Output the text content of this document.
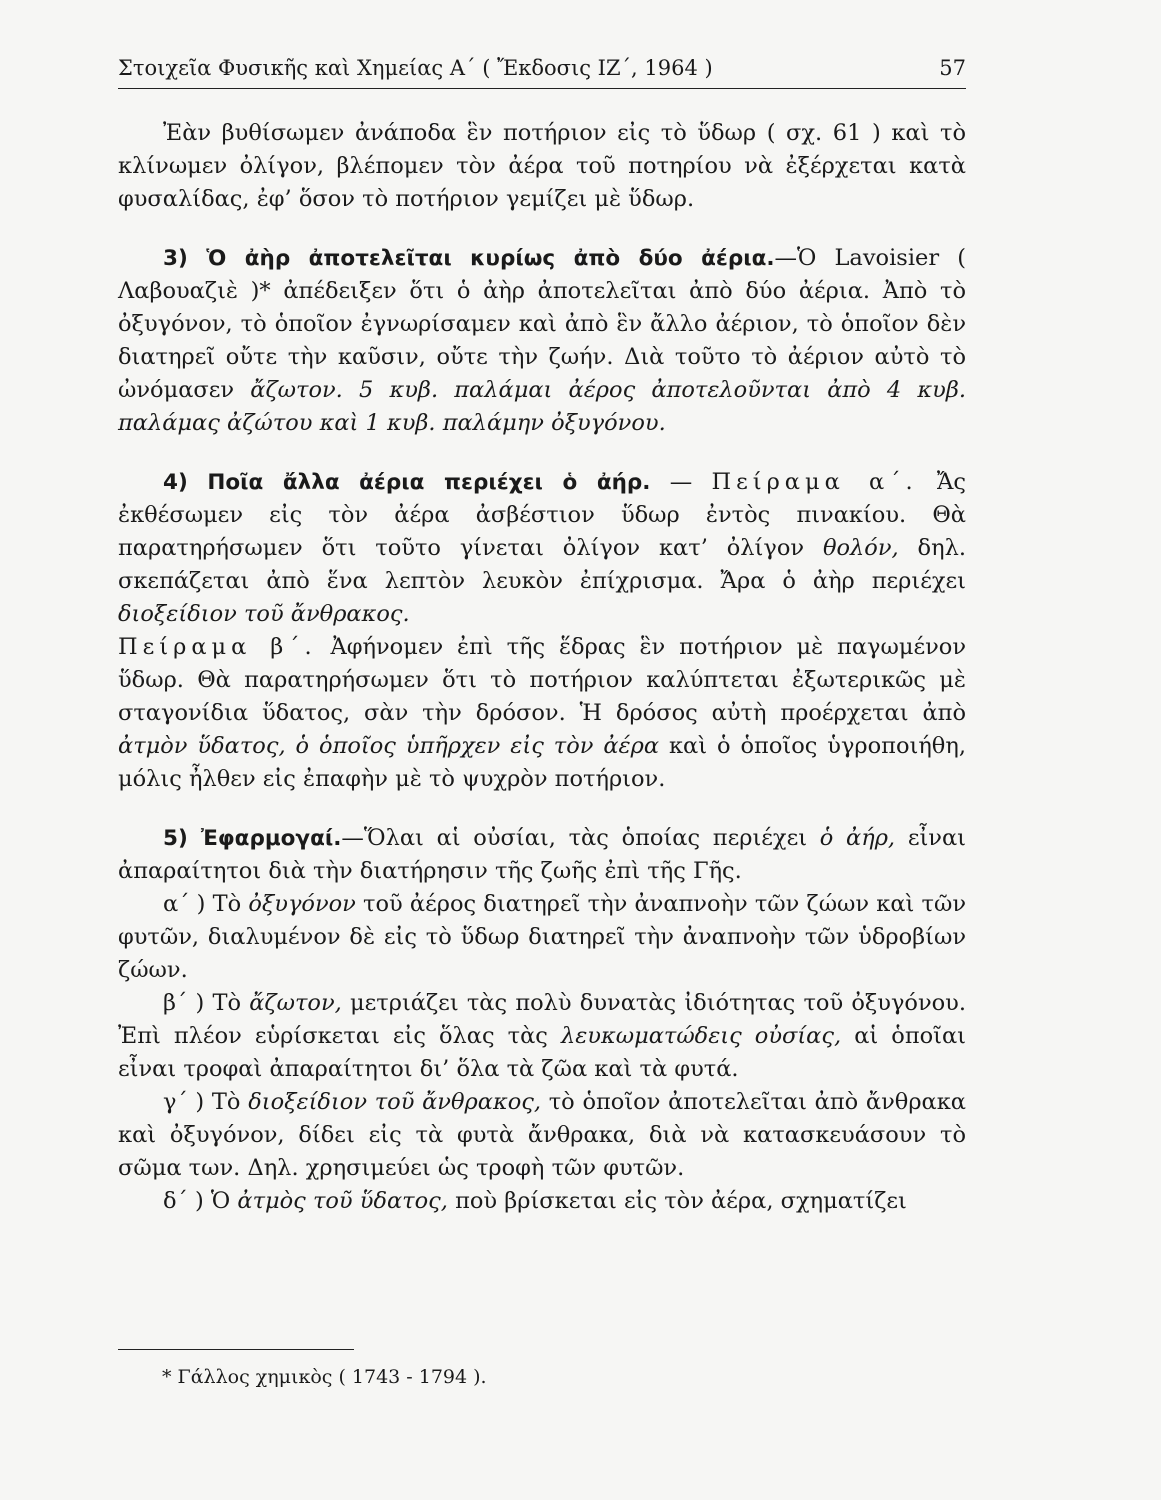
Στοιχεῖα Φυσικῆς καὶ Χημείας Α΄ ( Ἔκδοσις ΙΖ΄, 1964 )	57

Ἐὰν βυθίσωμεν ἀνάποδα ἓν ποτήριον εἰς τὸ ὕδωρ ( σχ. 61 ) καὶ τὸ κλίνωμεν ὀλίγον, βλέπομεν τὸν ἀέρα τοῦ ποτηρίου νὰ ἐξέρχεται κατὰ φυσαλίδας, ἐφ’ ὅσον τὸ ποτήριον γεμίζει μὲ ὕδωρ.

3) Ὁ ἀὴρ ἀποτελεῖται κυρίως ἀπὸ δύο ἀέρια.—Ὁ Lavoisier ( Λαβουαζιὲ )* ἀπέδειξεν ὅτι ὁ ἀὴρ ἀποτελεῖται ἀπὸ δύο ἀέρια. Ἀπὸ τὸ ὀξυγόνον, τὸ ὁποῖον ἐγνωρίσαμεν καὶ ἀπὸ ἓν ἄλλο ἀέριον, τὸ ὁποῖον δὲν διατηρεῖ οὔτε τὴν καῦσιν, οὔτε τὴν ζωήν. Διὰ τοῦτο τὸ ἀέριον αὐτὸ τὸ ὠνόμασεν ἄζωτον. 5 κυβ. παλάμαι ἀέρος ἀποτελοῦνται ἀπὸ 4 κυβ. παλάμας ἀζώτου καὶ 1 κυβ. παλάμην ὀξυγόνου.

4) Ποῖα ἄλλα ἀέρια περιέχει ὁ ἀήρ. — Πείραμα α΄. Ἄς ἐκθέσωμεν εἰς τὸν ἀέρα ἀσβέστιον ὕδωρ ἐντὸς πινακίου. Θὰ παρατηρήσωμεν ὅτι τοῦτο γίνεται ὀλίγον κατ’ ὀλίγον θολόν, δηλ. σκεπάζεται ἀπὸ ἕνα λεπτὸν λευκὸν ἐπίχρισμα. Ἄρα ὁ ἀὴρ περιέχει διοξείδιον τοῦ ἄνθρακος.

Πείραμα β΄. Ἀφήνομεν ἐπὶ τῆς ἕδρας ἓν ποτήριον μὲ παγωμένον ὕδωρ. Θὰ παρατηρήσωμεν ὅτι τὸ ποτήριον καλύπτεται ἐξωτερικῶς μὲ σταγονίδια ὕδατος, σὰν τὴν δρόσον. Ἡ δρόσος αὐτὴ προέρχεται ἀπὸ ἀτμὸν ὕδατος, ὁ ὁποῖος ὑπῆρχεν εἰς τὸν ἀέρα καὶ ὁ ὁποῖος ὑγροποιήθη, μόλις ἦλθεν εἰς ἐπαφὴν μὲ τὸ ψυχρὸν ποτήριον.

5) Ἐφαρμογαί.—Ὅλαι αἱ οὐσίαι, τὰς ὁποίας περιέχει ὁ ἀήρ, εἶναι ἀπαραίτητοι διὰ τὴν διατήρησιν τῆς ζωῆς ἐπὶ τῆς Γῆς.

α΄ ) Τὸ ὀξυγόνον τοῦ ἀέρος διατηρεῖ τὴν ἀναπνοὴν τῶν ζώων καὶ τῶν φυτῶν, διαλυμένον δὲ εἰς τὸ ὕδωρ διατηρεῖ τὴν ἀναπνοὴν τῶν ὑδροβίων ζώων.

β΄ ) Τὸ ἄζωτον, μετριάζει τὰς πολὺ δυνατὰς ἰδιότητας τοῦ ὀξυγόνου. Ἐπὶ πλέον εὑρίσκεται εἰς ὅλας τὰς λευκωματώδεις οὐσίας, αἱ ὁποῖαι εἶναι τροφαὶ ἀπαραίτητοι δι’ ὅλα τὰ ζῶα καὶ τὰ φυτά.

γ΄ ) Τὸ διοξείδιον τοῦ ἄνθρακος, τὸ ὁποῖον ἀποτελεῖται ἀπὸ ἄνθρακα καὶ ὀξυγόνον, δίδει εἰς τὰ φυτὰ ἄνθρακα, διὰ νὰ κατασκευάσουν τὸ σῶμα των. Δηλ. χρησιμεύει ὡς τροφὴ τῶν φυτῶν.

δ΄ ) Ὁ ἀτμὸς τοῦ ὕδατος, ποὺ βρίσκεται εἰς τὸν ἀέρα, σχηματίζει

* Γάλλος χημικὸς ( 1743 - 1794 ).
